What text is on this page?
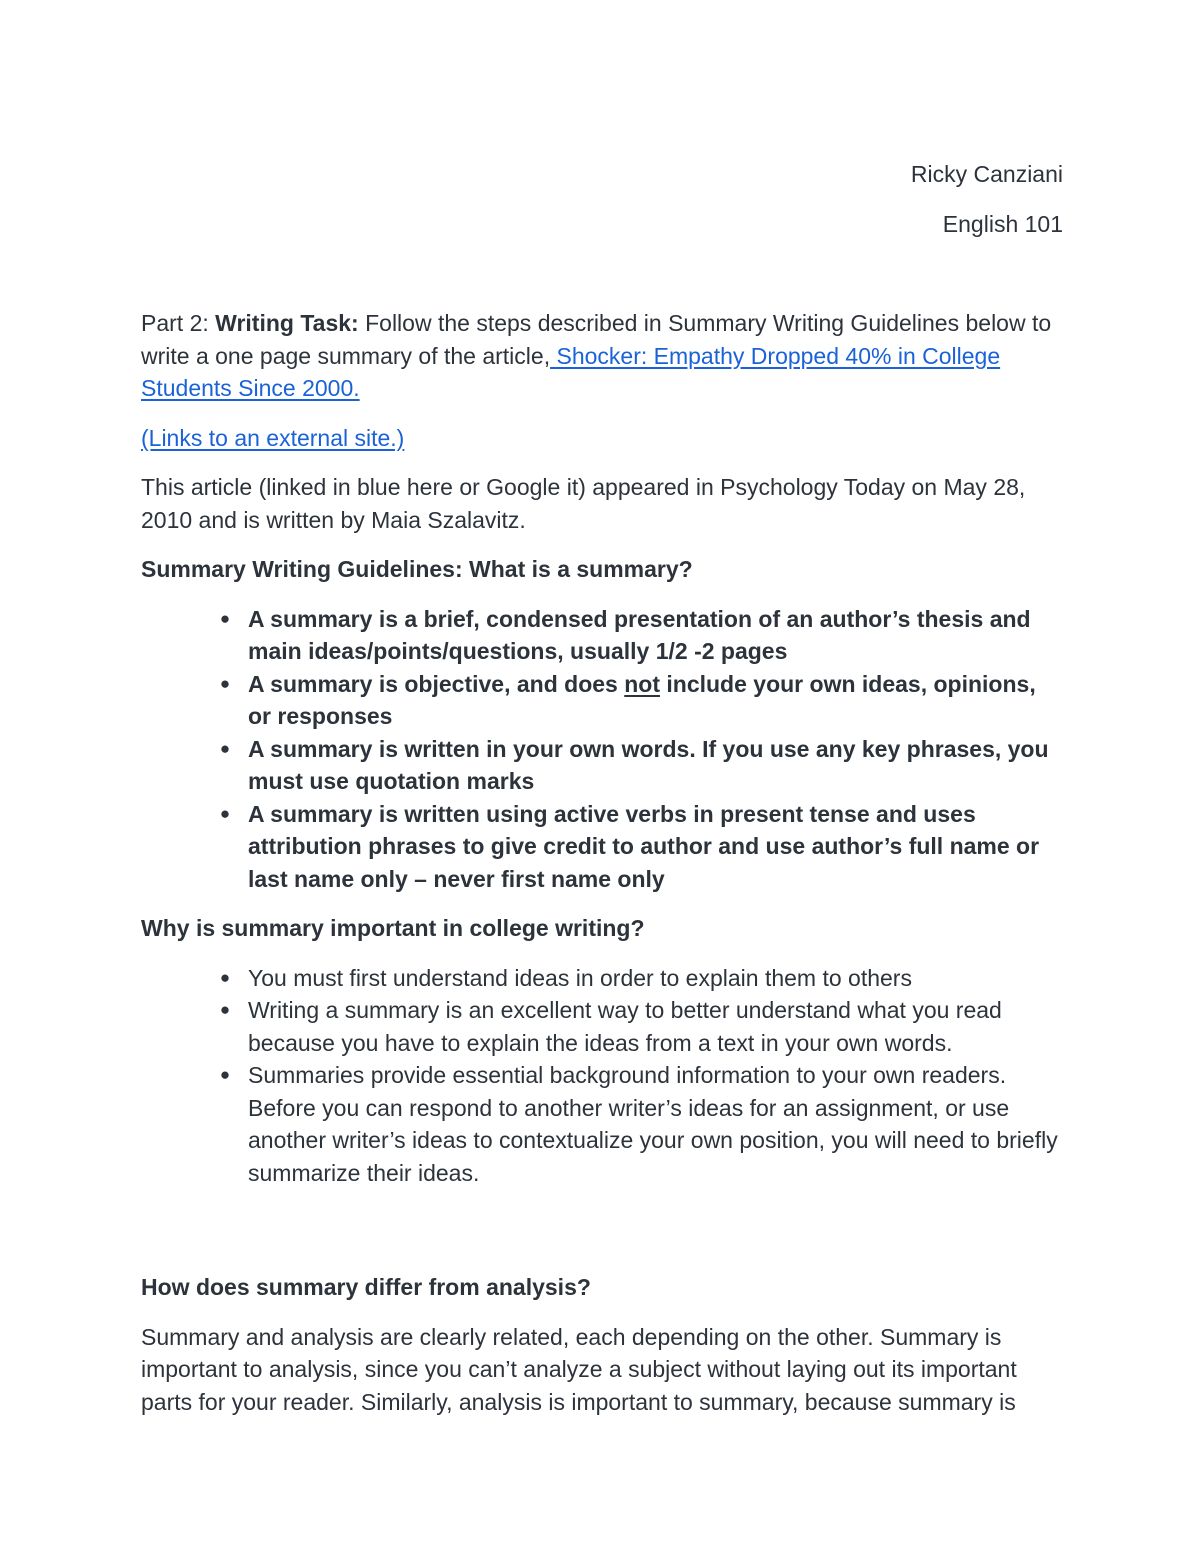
Ricky Canziani

English 101

Part 2: Writing Task: Follow the steps described in Summary Writing Guidelines below to write a one page summary of the article, Shocker: Empathy Dropped 40% in College Students Since 2000.

(Links to an external site.)

This article (linked in blue here or Google it) appeared in Psychology Today on May 28, 2010 and is written by Maia Szalavitz.

Summary Writing Guidelines: What is a summary?
● A summary is a brief, condensed presentation of an author’s thesis and main ideas/points/questions, usually 1/2 -2 pages
● A summary is objective, and does not include your own ideas, opinions, or responses
● A summary is written in your own words. If you use any key phrases, you must use quotation marks
● A summary is written using active verbs in present tense and uses attribution phrases to give credit to author and use author’s full name or last name only – never first name only
Why is summary important in college writing?
● You must first understand ideas in order to explain them to others
● Writing a summary is an excellent way to better understand what you read because you have to explain the ideas from a text in your own words.
● Summaries provide essential background information to your own readers. Before you can respond to another writer’s ideas for an assignment, or use another writer’s ideas to contextualize your own position, you will need to briefly summarize their ideas.
How does summary differ from analysis?

Summary and analysis are clearly related, each depending on the other. Summary is important to analysis, since you can’t analyze a subject without laying out its important parts for your reader. Similarly, analysis is important to summary, because summary is
